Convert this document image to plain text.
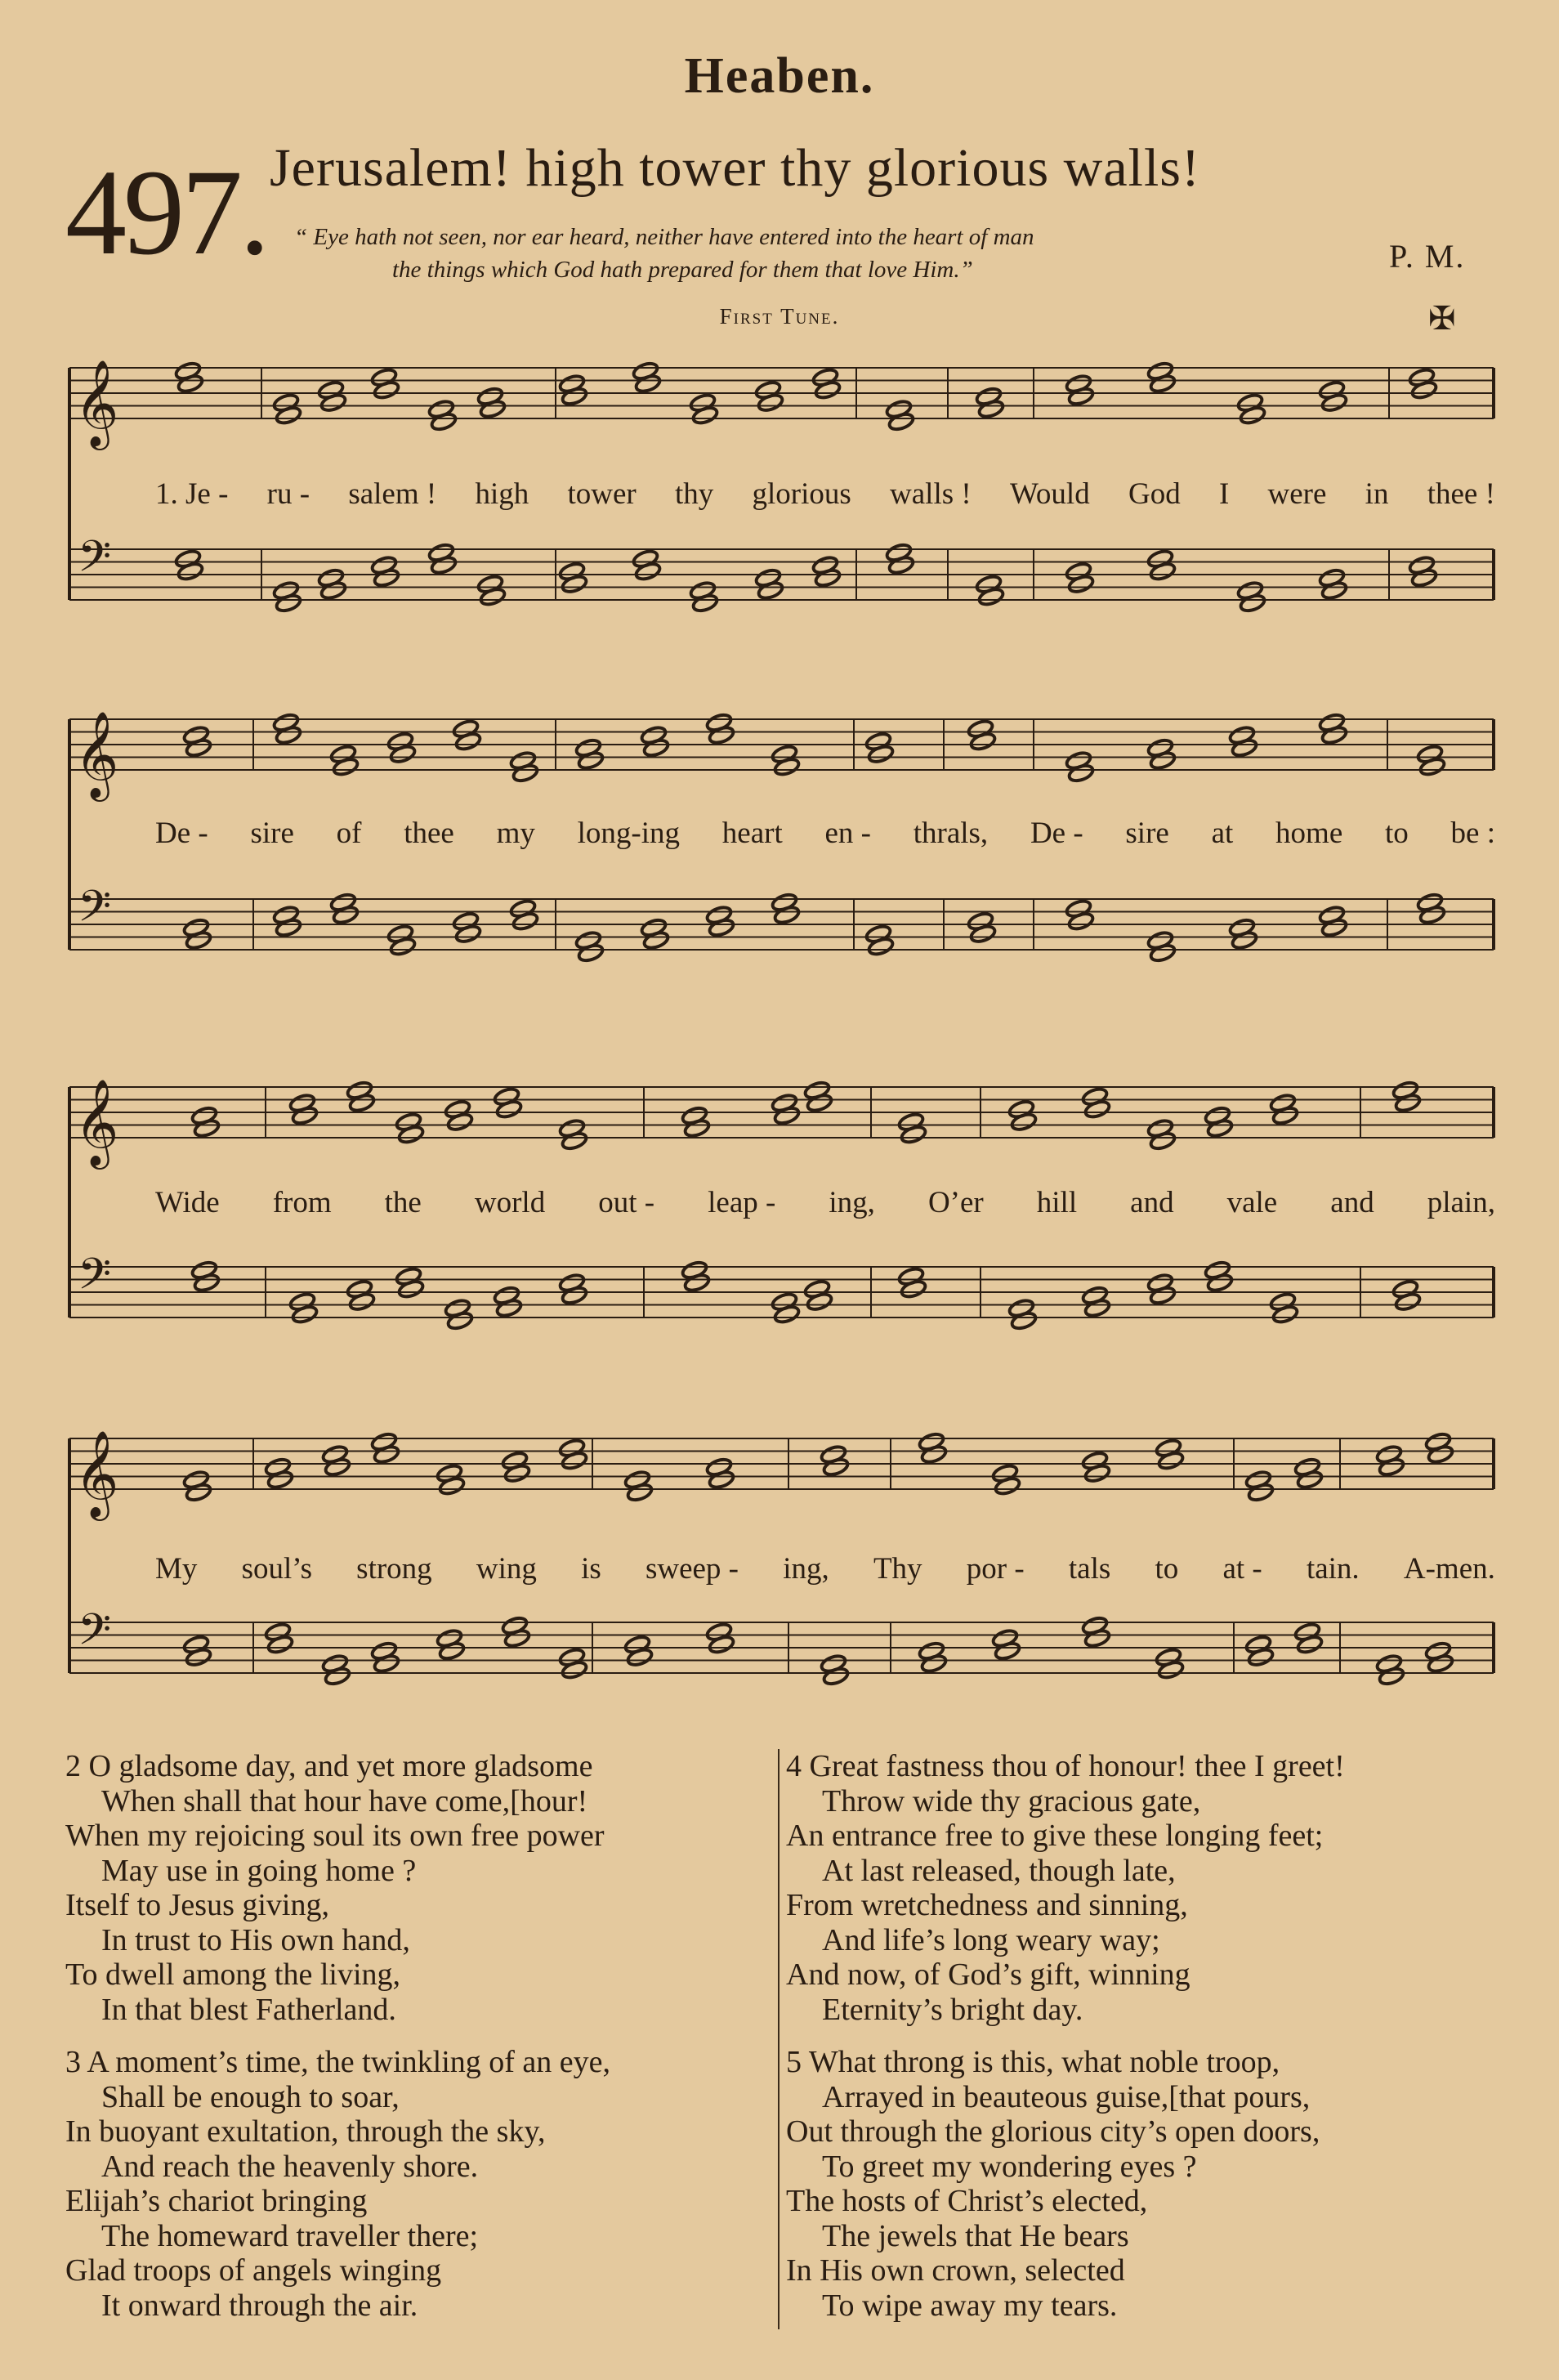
Heaben.
497. Jerusalem! high tower thy glorious walls!
“ Eye hath not seen, nor ear heard, neither have entered into the heart of man
the things which God hath prepared for them that love Him.”	P. M.
First Tune.	✠
𝄞
𝄢
𝄞
𝄢
𝄞
𝄢
𝄞
𝄢
1. Je - ru - salem ! high tower thy glorious walls ! Would God I were in thee !
De - sire of thee my long-ing heart en - thrals, De - sire at home to be :
Wide from the world out - leap - ing, O’er hill and vale and plain,
My soul’s strong wing is sweep - ing, Thy por - tals to at - tain. A-men.
2 O gladsome day, and yet more gladsome
When shall that hour have come,[hour!
When my rejoicing soul its own free power
May use in going home ?
Itself to Jesus giving,
In trust to His own hand,
To dwell among the living,
In that blest Fatherland.
3 A moment’s time, the twinkling of an eye,
Shall be enough to soar,
In buoyant exultation, through the sky,
And reach the heavenly shore.
Elijah’s chariot bringing
The homeward traveller there;
Glad troops of angels winging
It onward through the air.
4 Great fastness thou of honour! thee I greet!
Throw wide thy gracious gate,
An entrance free to give these longing feet;
At last released, though late,
From wretchedness and sinning,
And life’s long weary way;
And now, of God’s gift, winning
Eternity’s bright day.
5 What throng is this, what noble troop,
Arrayed in beauteous guise,[that pours,
Out through the glorious city’s open doors,
To greet my wondering eyes ?
The hosts of Christ’s elected,
The jewels that He bears
In His own crown, selected
To wipe away my tears.
